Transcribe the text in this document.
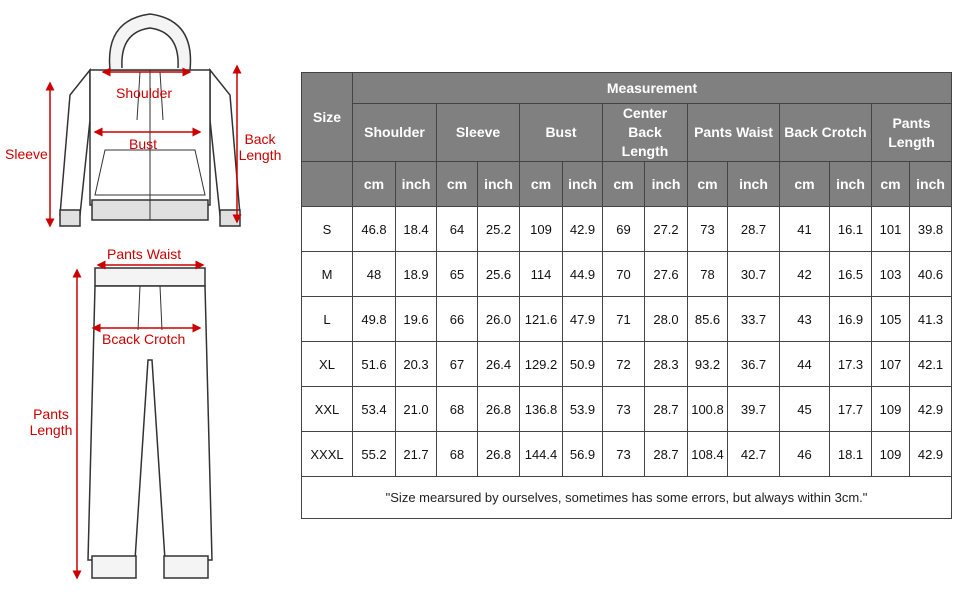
Shoulder
Bust
Sleeve
Back Length
Pants Waist
Bcack Crotch
Pants Length
Size	Measurement													
	Shoulder		Sleeve		Bust		Center
Back
Length		Pants Waist		Back Crotch		Pants
Length	
	cm	inch	cm	inch	cm	inch	cm	inch	cm	inch	cm	inch	cm	inch
S	46.8	18.4	64	25.2	109	42.9	69	27.2	73	28.7	41	16.1	101	39.8
M	48	18.9	65	25.6	114	44.9	70	27.6	78	30.7	42	16.5	103	40.6
L	49.8	19.6	66	26.0	121.6	47.9	71	28.0	85.6	33.7	43	16.9	105	41.3
XL	51.6	20.3	67	26.4	129.2	50.9	72	28.3	93.2	36.7	44	17.3	107	42.1
XXL	53.4	21.0	68	26.8	136.8	53.9	73	28.7	100.8	39.7	45	17.7	109	42.9
XXXL	55.2	21.7	68	26.8	144.4	56.9	73	28.7	108.4	42.7	46	18.1	109	42.9
"Size mearsured by ourselves, sometimes has some errors, but always within 3cm."														
